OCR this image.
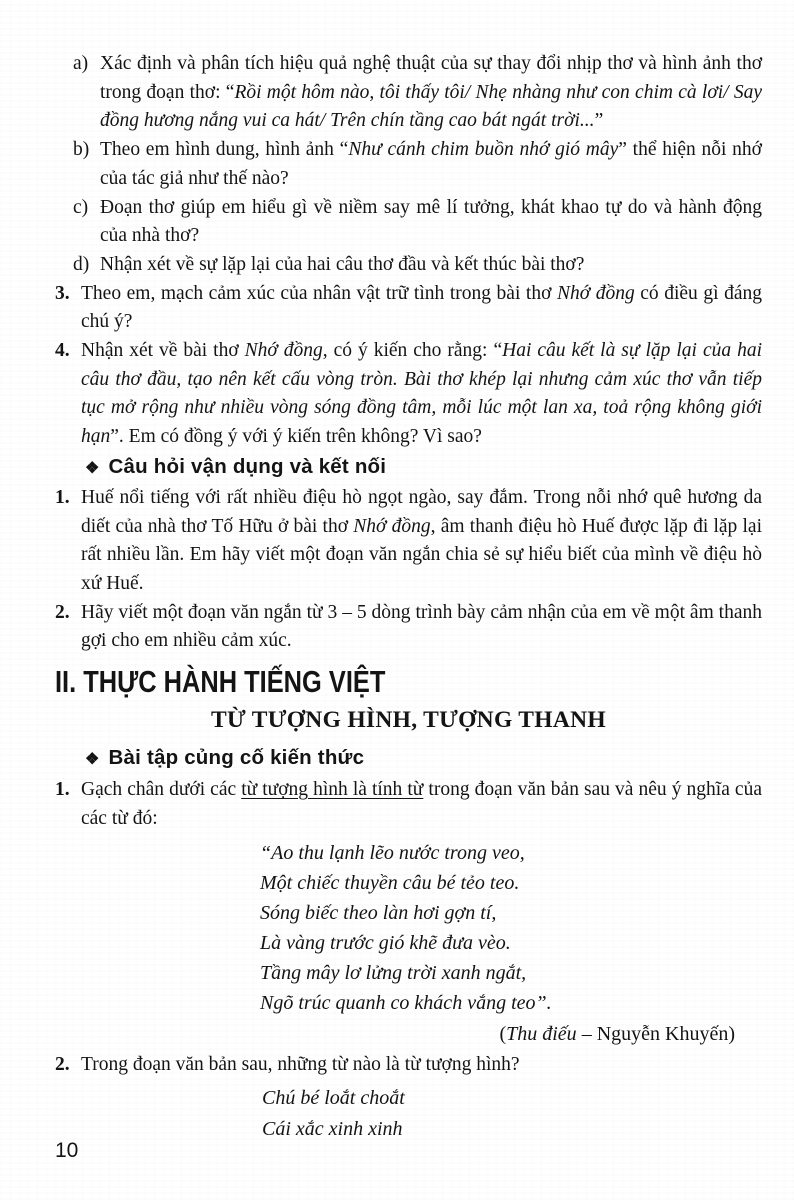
a) Xác định và phân tích hiệu quả nghệ thuật của sự thay đổi nhịp thơ và hình ảnh thơ trong đoạn thơ: “Rồi một hôm nào, tôi thấy tôi/ Nhẹ nhàng như con chim cà lơi/ Say đồng hương nắng vui ca hát/ Trên chín tầng cao bát ngát trời...”

b) Theo em hình dung, hình ảnh “Như cánh chim buồn nhớ gió mây” thể hiện nỗi nhớ của tác giả như thế nào?

c) Đoạn thơ giúp em hiểu gì về niềm say mê lí tưởng, khát khao tự do và hành động của nhà thơ?

d) Nhận xét về sự lặp lại của hai câu thơ đầu và kết thúc bài thơ?

3. Theo em, mạch cảm xúc của nhân vật trữ tình trong bài thơ Nhớ đồng có điều gì đáng chú ý?

4. Nhận xét về bài thơ Nhớ đồng, có ý kiến cho rằng: “Hai câu kết là sự lặp lại của hai câu thơ đầu, tạo nên kết cấu vòng tròn. Bài thơ khép lại nhưng cảm xúc thơ vẫn tiếp tục mở rộng như nhiều vòng sóng đồng tâm, mỗi lúc một lan xa, toả rộng không giới hạn”. Em có đồng ý với ý kiến trên không? Vì sao?

❖ Câu hỏi vận dụng và kết nối

1. Huế nổi tiếng với rất nhiều điệu hò ngọt ngào, say đắm. Trong nỗi nhớ quê hương da diết của nhà thơ Tố Hữu ở bài thơ Nhớ đồng, âm thanh điệu hò Huế được lặp đi lặp lại rất nhiều lần. Em hãy viết một đoạn văn ngắn chia sẻ sự hiểu biết của mình về điệu hò xứ Huế.

2. Hãy viết một đoạn văn ngắn từ 3 – 5 dòng trình bày cảm nhận của em về một âm thanh gợi cho em nhiều cảm xúc.

II. THỰC HÀNH TIẾNG VIỆT
TỪ TƯỢNG HÌNH, TƯỢNG THANH
❖ Bài tập củng cố kiến thức

1. Gạch chân dưới các từ tượng hình là tính từ trong đoạn văn bản sau và nêu ý nghĩa của các từ đó:

“Ao thu lạnh lẽo nước trong veo,
Một chiếc thuyền câu bé tẻo teo.
Sóng biếc theo làn hơi gợn tí,
Là vàng trước gió khẽ đưa vèo.
Tầng mây lơ lửng trời xanh ngắt,
Ngõ trúc quanh co khách vắng teo”.
(Thu điếu – Nguyễn Khuyến)

2. Trong đoạn văn bản sau, những từ nào là từ tượng hình?

Chú bé loắt choắt
Cái xắc xinh xinh
10
